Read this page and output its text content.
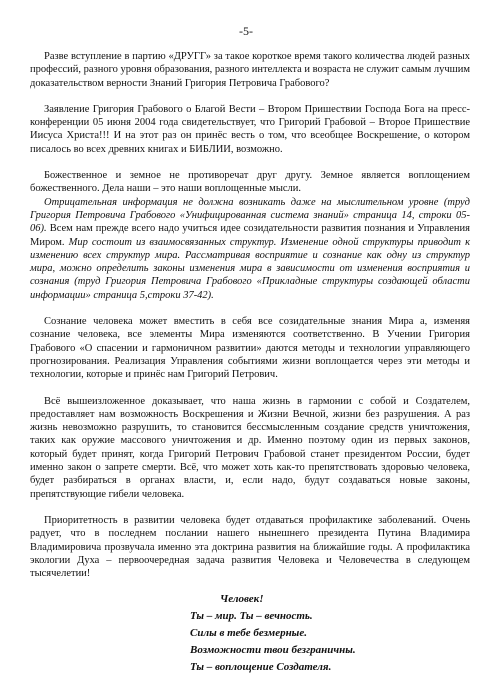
-5-

Разве вступление в партию «ДРУГГ» за такое короткое время такого количества людей разных профессий, разного уровня образования, разного интеллекта и возраста не служит самым лучшим доказательством верности Знаний Григория Петровича Грабового?

Заявление Григория Грабового о Благой Вести – Втором Пришествии Господа Бога на пресс-конференции 05 июня 2004 года свидетельствует, что Григорий Грабовой – Второе Пришествие Иисуса Христа!!! И на этот раз он принёс весть о том, что всеобщее Воскрешение, о котором писалось во всех древних книгах и БИБЛИИ, возможно.

Божественное и земное не противоречат друг другу. Земное является воплощением божественного. Дела наши – это наши воплощенные мысли.

Отрицательная информация не должна возникать даже на мыслительном уровне (труд Григория Петровича Грабового «Унифицированная система знаний» страница 14, строки 05-06). Всем нам прежде всего надо учиться идее созидательности развития познания и Управления Миром. Мир состоит из взаимосвязанных структур. Изменение одной структуры приводит к изменению всех структур мира. Рассматривая восприятие и сознание как одну из структур мира, можно определить законы изменения мира в зависимости от изменения восприятия и сознания (труд Григория Петровича Грабового «Прикладные структуры создающей области информации» страница 5,строки 37-42).

Сознание человека может вместить в себя все созидательные знания Мира а, изменяя сознание человека, все элементы Мира изменяются соответственно. В Учении Григория Грабового «О спасении и гармоничном развитии» даются методы и технологии управляющего прогнозирования. Реализация Управления событиями жизни воплощается через эти методы и технологии, которые и принёс нам Григорий Петрович.

Всё вышеизложенное доказывает, что наша жизнь в гармонии с собой и Создателем, предоставляет нам возможность Воскрешения и Жизни Вечной, жизни без разрушения. А раз жизнь невозможно разрушить, то становится бессмысленным создание средств уничтожения, таких как оружие массового уничтожения и др. Именно поэтому один из первых законов, который будет принят, когда Григорий Петрович Грабовой станет президентом России, будет именно закон о запрете смерти. Всё, что может хоть как-то препятствовать здоровью человека, будет разбираться в органах власти, и, если надо, будут создаваться новые законы, препятствующие гибели человека.

Приоритетность в развитии человека будет отдаваться профилактике заболеваний. Очень радует, что в последнем послании нашего нынешнего президента Путина Владимира Владимировича прозвучала именно эта доктрина развития на ближайшие годы. А профилактика экологии Духа – первоочередная задача развития Человека и Человечества в следующем тысячелетии!

Человек!
Ты – мир. Ты – вечность.
Силы в тебе безмерные.
Возможности твои безграничны.
Ты – воплощение Создателя.
